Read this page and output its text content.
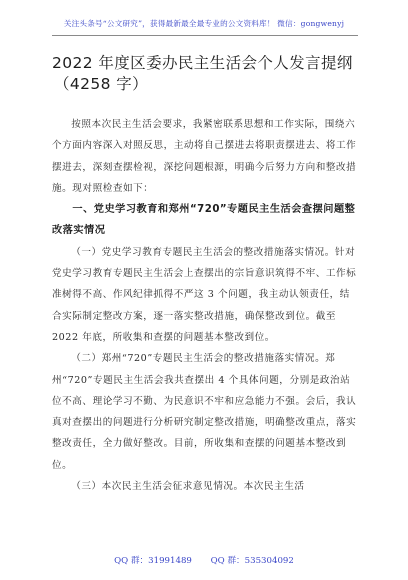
关注头条号“公文研究”，获得最新最全最专业的公文资料库！ 微信：gongwenyj
2022 年度区委办民主生活会个人发言提纲
（4258 字）

按照本次民主生活会要求，我紧密联系思想和工作实际，围绕六个方面内容深入对照反思，主动将自己摆进去将职责摆进去、将工作摆进去，深刻查摆检视，深挖问题根源，明确今后努力方向和整改措施。现对照检查如下：

一、党史学习教育和郑州“720”专题民主生活会查摆问题整改落实情况

（一）党史学习教育专题民主生活会的整改措施落实情况。针对党史学习教育专题民主生活会上查摆出的宗旨意识筑得不牢、工作标准树得不高、作风纪律抓得不严这 3 个问题，我主动认领责任，结合实际制定整改方案，逐一落实整改措施，确保整改到位。截至 2022 年底，所收集和查摆的问题基本整改到位。

（二）郑州“720”专题民主生活会的整改措施落实情况。郑州“720”专题民主生活会我共查摆出 4 个具体问题，分别是政治站位不高、理论学习不勤、为民意识不牢和应急能力不强。会后，我认真对查摆出的问题进行分析研究制定整改措施，明确整改重点，落实整改责任，全力做好整改。目前，所收集和查摆的问题基本整改到位。

（三）本次民主生活会征求意见情况。本次民主生活

QQ 群：31991489 QQ 群：535304092
